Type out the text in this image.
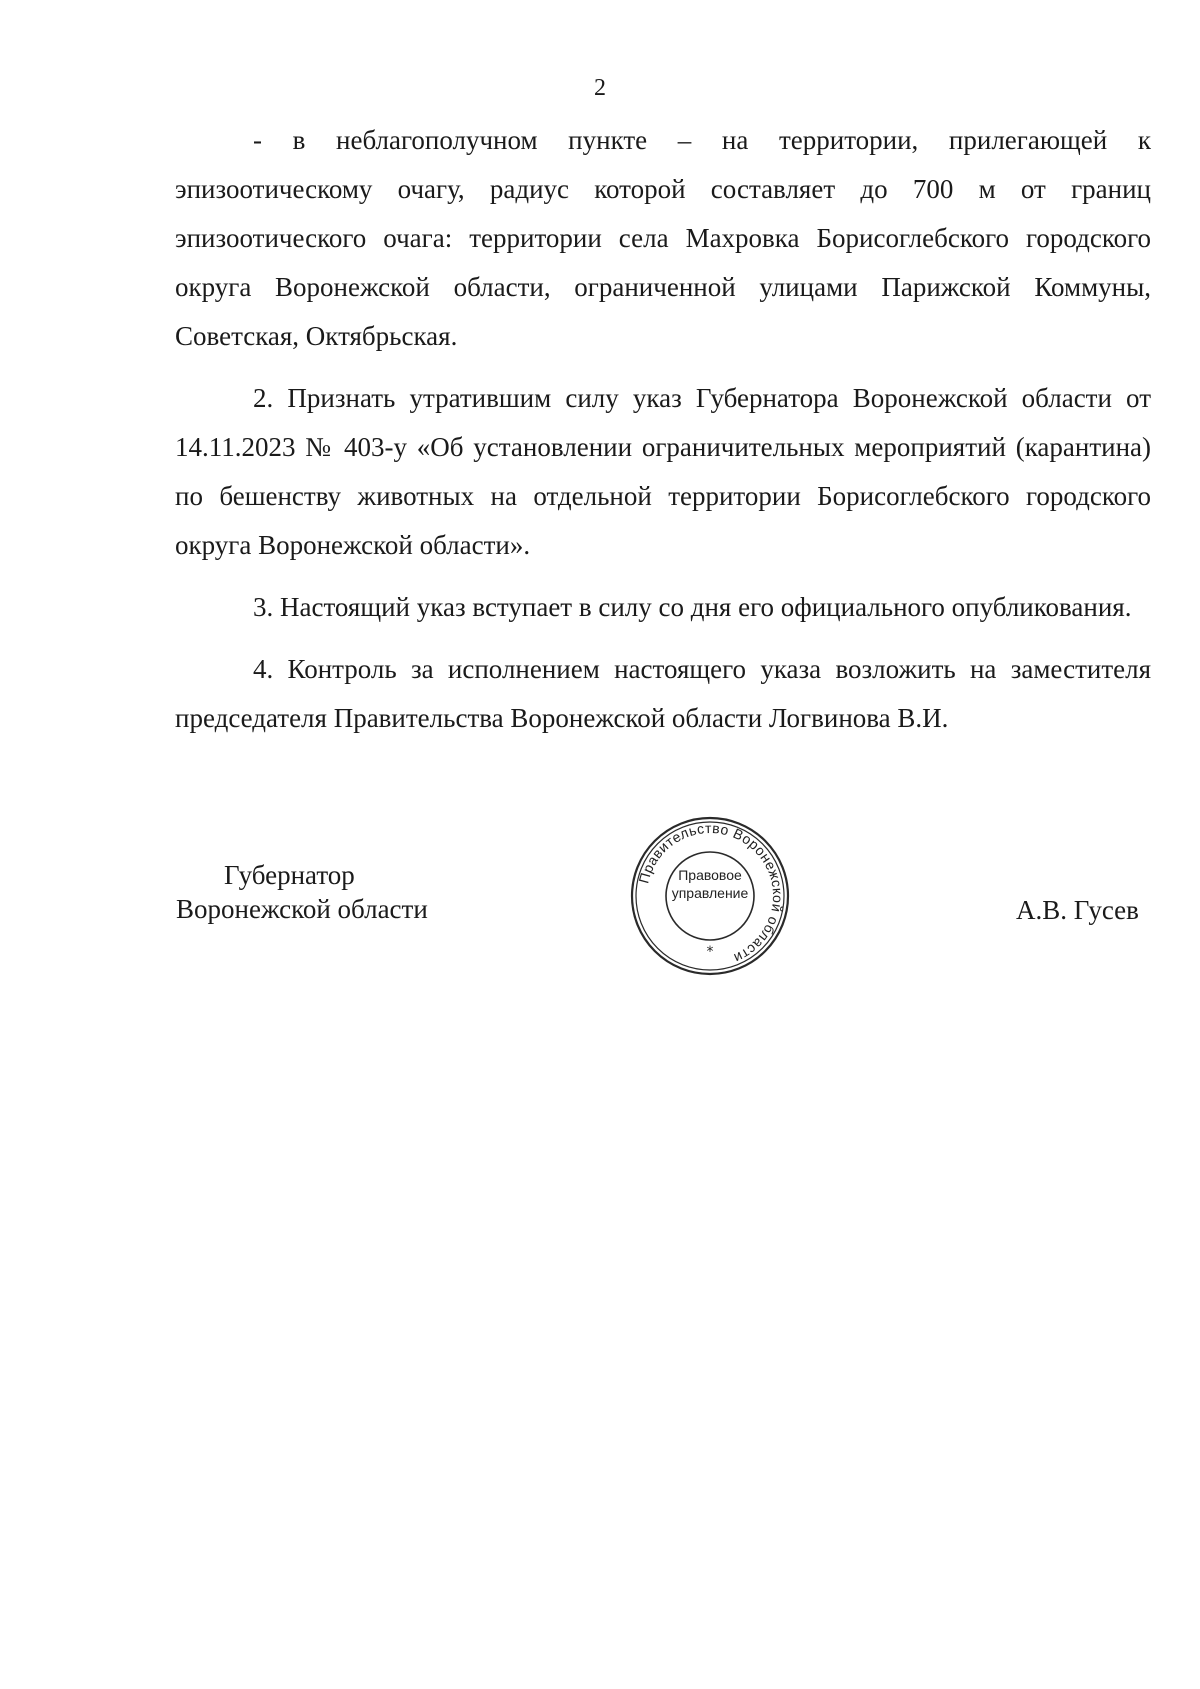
2

- в неблагополучном пункте – на территории, прилегающей к эпизоотическому очагу, радиус которой составляет до 700 м от границ эпизоотического очага: территории села Махровка Борисоглебского городского округа Воронежской области, ограниченной улицами Парижской Коммуны, Советская, Октябрьская.

2. Признать утратившим силу указ Губернатора Воронежской области от 14.11.2023 № 403-у «Об установлении ограничительных мероприятий (карантина) по бешенству животных на отдельной территории Борисоглебского городского округа Воронежской области».

3. Настоящий указ вступает в силу со дня его официального опубликования.

4. Контроль за исполнением настоящего указа возложить на заместителя председателя Правительства Воронежской области Логвинова В.И.

Губернатор
Воронежской области
Правительство Воронежской области
Правовое
управление
*
А.В. Гусев
